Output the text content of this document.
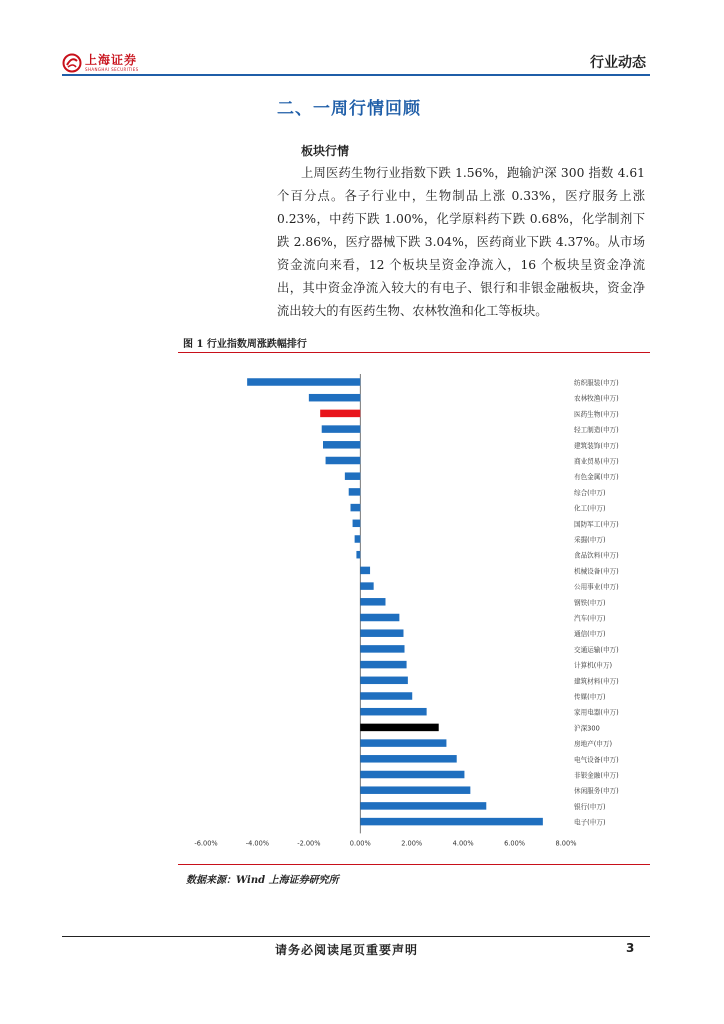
上海证券
SHANGHAI SECURITIES	行业动态
二、一周行情回顾
板块行情

上周医药生物行业指数下跌 1.56%，跑输沪深 300 指数 4.61 个百分点。各子行业中，生物制品上涨 0.33%，医疗服务上涨 0.23%，中药下跌 1.00%，化学原料药下跌 0.68%，化学制剂下跌 2.86%，医疗器械下跌 3.04%，医药商业下跌 4.37%。从市场资金流向来看，12 个板块呈资金净流入，16 个板块呈资金净流出，其中资金净流入较大的有电子、银行和非银金融板块，资金净流出较大的有医药生物、农林牧渔和化工等板块。

图 1 行业指数周涨跌幅排行
纺织服装(申万)
农林牧渔(申万)
医药生物(申万)
轻工制造(申万)
建筑装饰(申万)
商业贸易(申万)
有色金属(申万)
综合(申万)
化工(申万)
国防军工(申万)
采掘(申万)
食品饮料(申万)
机械设备(申万)
公用事业(申万)
钢铁(申万)
汽车(申万)
通信(申万)
交通运输(申万)
计算机(申万)
建筑材料(申万)
传媒(申万)
家用电器(申万)
沪深300
房地产(申万)
电气设备(申万)
非银金融(申万)
休闲服务(申万)
银行(申万)
电子(申万)
-6.00%	-4.00%	-2.00%	0.00%	2.00%	4.00%	6.00%	8.00%
数据来源：Wind 上海证券研究所
请务必阅读尾页重要声明	3
